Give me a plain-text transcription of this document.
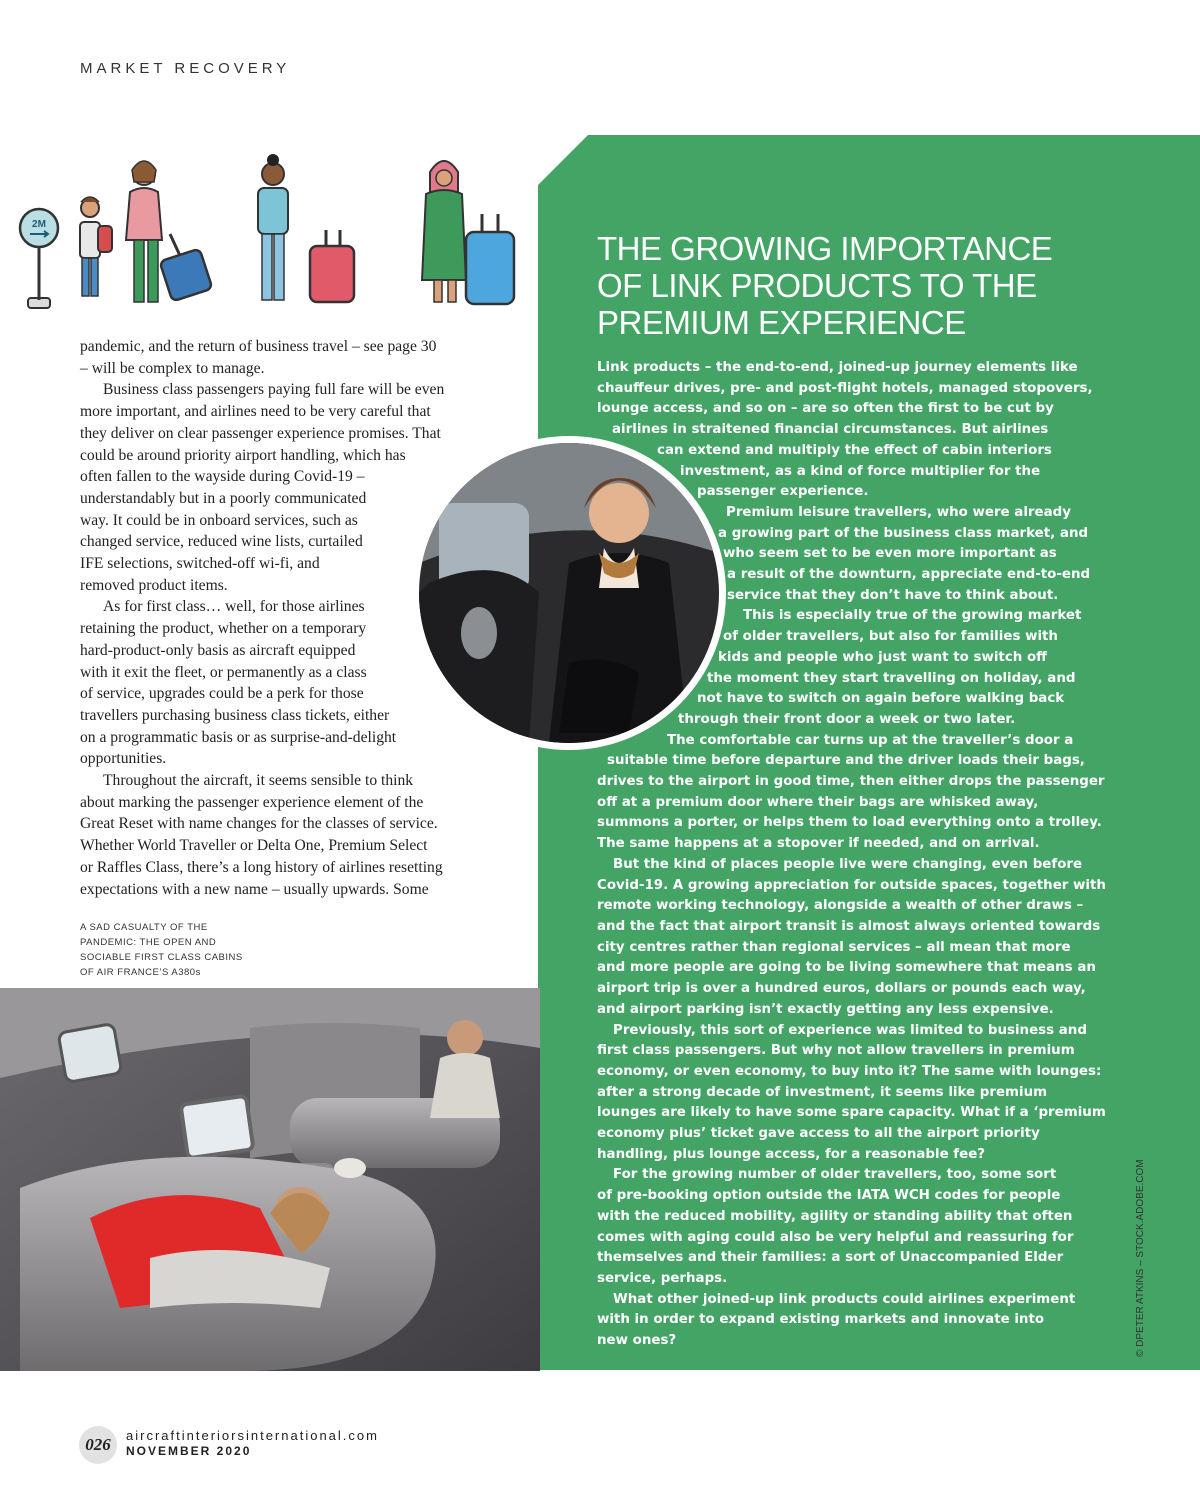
MARKET RECOVERY
2M
THE GROWING IMPORTANCE
OF LINK PRODUCTS TO THE
PREMIUM EXPERIENCE
Link products – the end-to-end, joined-up journey elements like
chauffeur drives, pre- and post-flight hotels, managed stopovers,
lounge access, and so on – are so often the first to be cut by
airlines in straitened financial circumstances. But airlines
can extend and multiply the effect of cabin interiors
investment, as a kind of force multiplier for the
passenger experience.
Premium leisure travellers, who were already
a growing part of the business class market, and
who seem set to be even more important as
a result of the downturn, appreciate end-to-end
service that they don’t have to think about.
This is especially true of the growing market
of older travellers, but also for families with
kids and people who just want to switch off
the moment they start travelling on holiday, and
not have to switch on again before walking back
through their front door a week or two later.
The comfortable car turns up at the traveller’s door a
suitable time before departure and the driver loads their bags,
drives to the airport in good time, then either drops the passenger
off at a premium door where their bags are whisked away,
summons a porter, or helps them to load everything onto a trolley.
The same happens at a stopover if needed, and on arrival.
But the kind of places people live were changing, even before
Covid-19. A growing appreciation for outside spaces, together with
remote working technology, alongside a wealth of other draws –
and the fact that airport transit is almost always oriented towards
city centres rather than regional services – all mean that more
and more people are going to be living somewhere that means an
airport trip is over a hundred euros, dollars or pounds each way,
and airport parking isn’t exactly getting any less expensive.
Previously, this sort of experience was limited to business and
first class passengers. But why not allow travellers in premium
economy, or even economy, to buy into it? The same with lounges:
after a strong decade of investment, it seems like premium
lounges are likely to have some spare capacity. What if a ‘premium
economy plus’ ticket gave access to all the airport priority
handling, plus lounge access, for a reasonable fee?
For the growing number of older travellers, too, some sort
of pre-booking option outside the IATA WCH codes for people
with the reduced mobility, agility or standing ability that often
comes with aging could also be very helpful and reassuring for
themselves and their families: a sort of Unaccompanied Elder
service, perhaps.
What other joined-up link products could airlines experiment
with in order to expand existing markets and innovate into
new ones?
pandemic, and the return of business travel – see page 30
– will be complex to manage.
Business class passengers paying full fare will be even
more important, and airlines need to be very careful that
they deliver on clear passenger experience promises. That
could be around priority airport handling, which has
often fallen to the wayside during Covid-19 –
understandably but in a poorly communicated
way. It could be in onboard services, such as
changed service, reduced wine lists, curtailed
IFE selections, switched-off wi-fi, and
removed product items.
As for first class… well, for those airlines
retaining the product, whether on a temporary
hard-product-only basis as aircraft equipped
with it exit the fleet, or permanently as a class
of service, upgrades could be a perk for those
travellers purchasing business class tickets, either
on a programmatic basis or as surprise-and-delight
opportunities.
Throughout the aircraft, it seems sensible to think
about marking the passenger experience element of the
Great Reset with name changes for the classes of service.
Whether World Traveller or Delta One, Premium Select
or Raffles Class, there’s a long history of airlines resetting
expectations with a new name – usually upwards. Some
A SAD CASUALTY OF THE
PANDEMIC: THE OPEN AND
SOCIABLE FIRST CLASS CABINS
OF AIR FRANCE’S A380s
© DPETER ATKINS – STOCK.ADOBE.COM
026	aircraftinteriorsinternational.com
NOVEMBER 2020
